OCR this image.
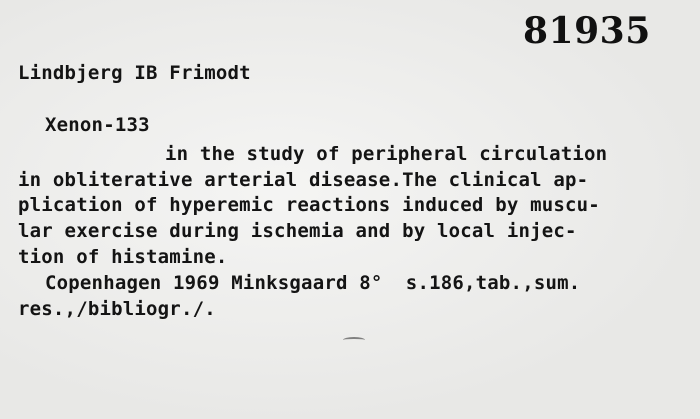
81935
Lindbjerg IB Frimodt
Xenon-133
in the study of peripheral circulation
in obliterative arterial disease.The clinical ap-
plication of hyperemic reactions induced by muscu-
lar exercise during ischemia and by local injec-
tion of histamine.
Copenhagen 1969 Minksgaard 8°  s.186,tab.,sum.
res.,/bibliogr./.
